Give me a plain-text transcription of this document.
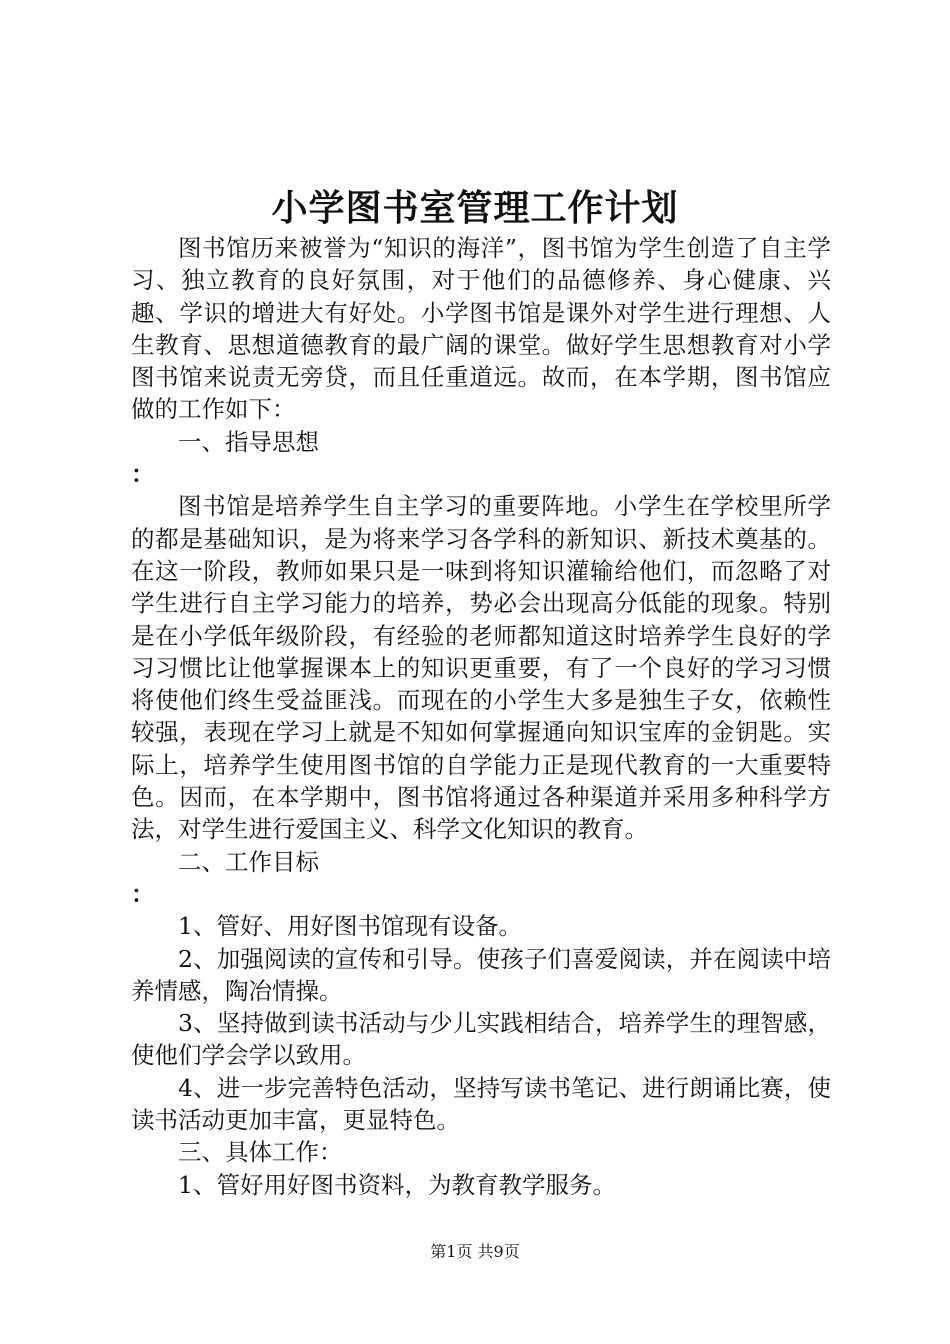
小学图书室管理工作计划

图书馆历来被誉为“知识的海洋”，图书馆为学生创造了自主学习、独立教育的良好氛围，对于他们的品德修养、身心健康、兴趣、学识的增进大有好处。小学图书馆是课外对学生进行理想、人生教育、思想道德教育的最广阔的课堂。做好学生思想教育对小学图书馆来说责无旁贷，而且任重道远。故而，在本学期，图书馆应做的工作如下：

一、指导思想

：

图书馆是培养学生自主学习的重要阵地。小学生在学校里所学的都是基础知识，是为将来学习各学科的新知识、新技术奠基的。在这一阶段，教师如果只是一味到将知识灌输给他们，而忽略了对学生进行自主学习能力的培养，势必会出现高分低能的现象。特别是在小学低年级阶段，有经验的老师都知道这时培养学生良好的学习习惯比让他掌握课本上的知识更重要，有了一个良好的学习习惯将使他们终生受益匪浅。而现在的小学生大多是独生子女，依赖性较强，表现在学习上就是不知如何掌握通向知识宝库的金钥匙。实际上，培养学生使用图书馆的自学能力正是现代教育的一大重要特色。因而，在本学期中，图书馆将通过各种渠道并采用多种科学方法，对学生进行爱国主义、科学文化知识的教育。

二、工作目标

：

1、管好、用好图书馆现有设备。

2、加强阅读的宣传和引导。使孩子们喜爱阅读，并在阅读中培养情感，陶冶情操。

3、坚持做到读书活动与少儿实践相结合，培养学生的理智感，使他们学会学以致用。

4、进一步完善特色活动，坚持写读书笔记、进行朗诵比赛，使读书活动更加丰富，更显特色。

三、具体工作：

1、管好用好图书资料，为教育教学服务。

第1页 共9页
